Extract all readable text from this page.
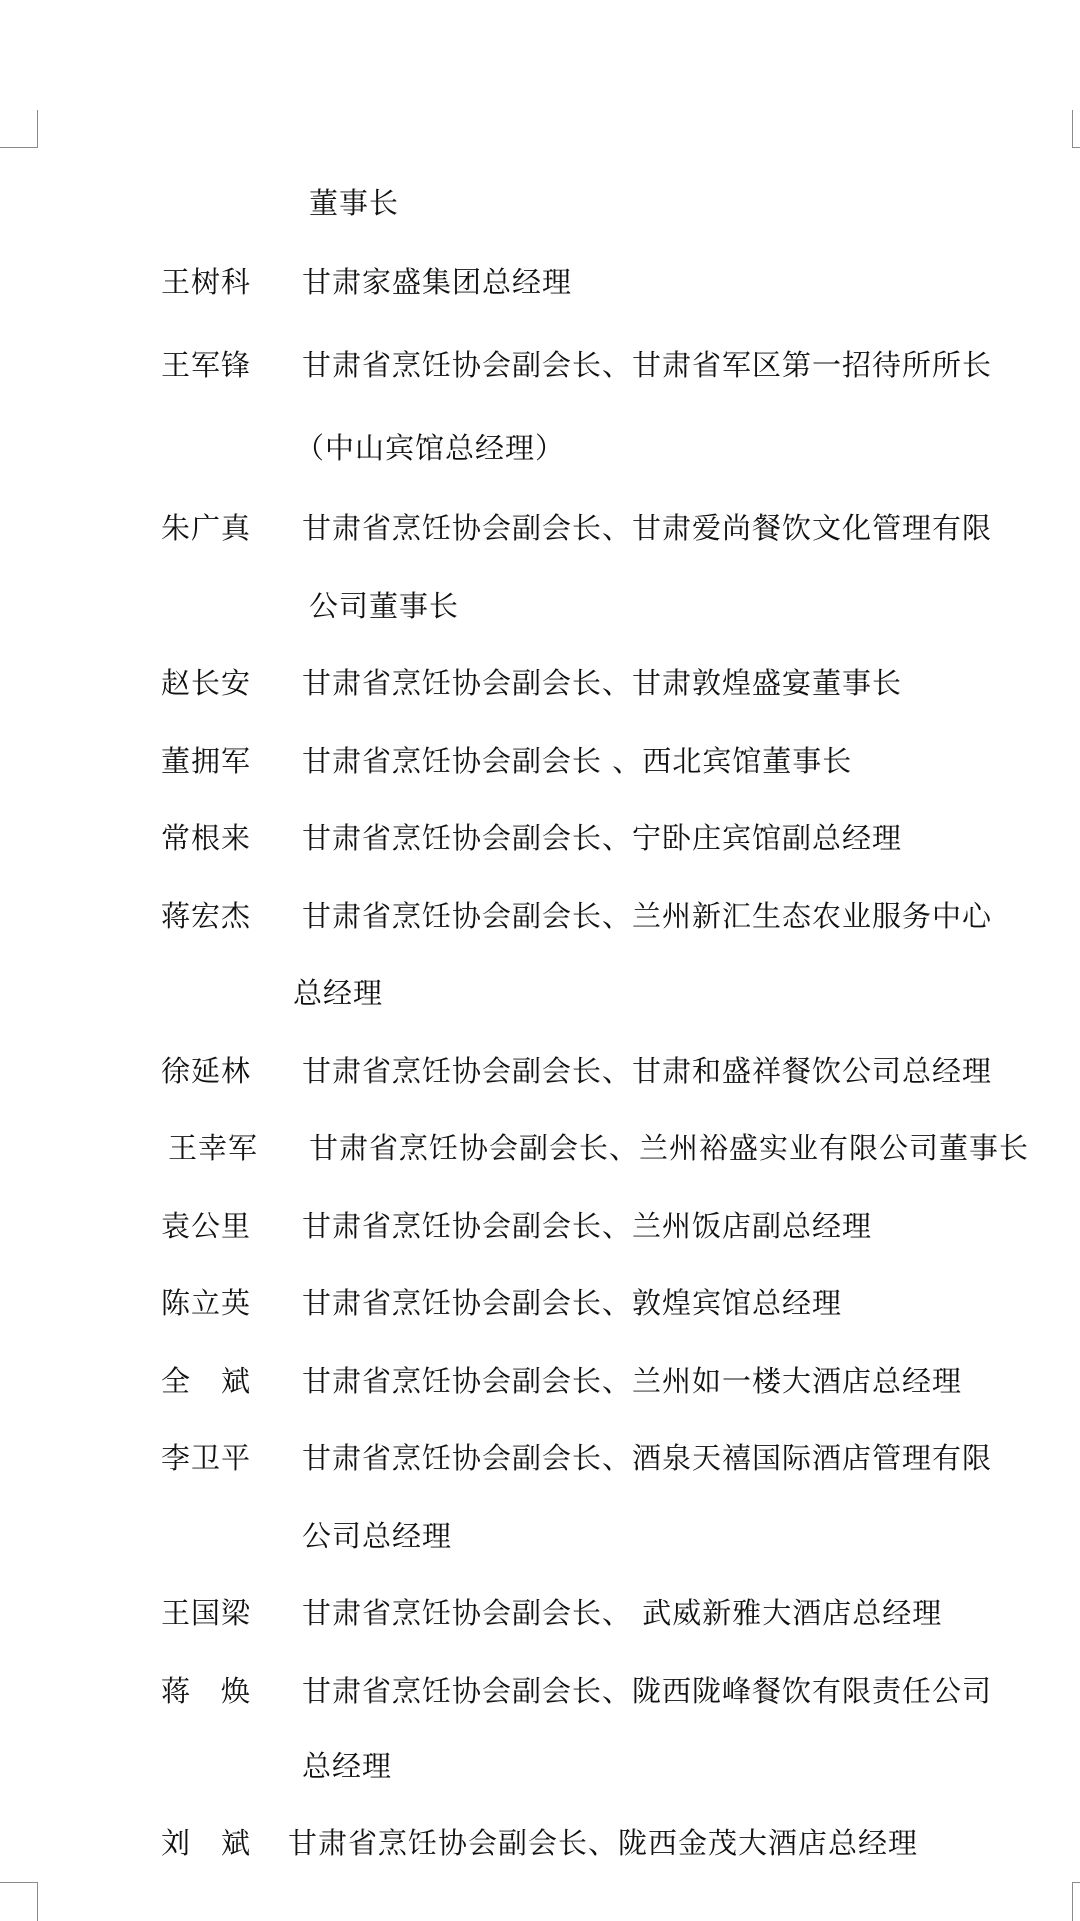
董事长
王树科 甘肃家盛集团总经理
王军锋 甘肃省烹饪协会副会长、甘肃省军区第一招待所所长
（中山宾馆总经理）
朱广真 甘肃省烹饪协会副会长、甘肃爱尚餐饮文化管理有限
公司董事长
赵长安 甘肃省烹饪协会副会长、甘肃敦煌盛宴董事长
董拥军 甘肃省烹饪协会副会长 、西北宾馆董事长
常根来 甘肃省烹饪协会副会长、宁卧庄宾馆副总经理
蒋宏杰 甘肃省烹饪协会副会长、兰州新汇生态农业服务中心
总经理
徐延林 甘肃省烹饪协会副会长、甘肃和盛祥餐饮公司总经理
王幸军 甘肃省烹饪协会副会长、兰州裕盛实业有限公司董事长
袁公里 甘肃省烹饪协会副会长、兰州饭店副总经理
陈立英 甘肃省烹饪协会副会长、敦煌宾馆总经理
全　斌 甘肃省烹饪协会副会长、兰州如一楼大酒店总经理
李卫平 甘肃省烹饪协会副会长、酒泉天禧国际酒店管理有限
公司总经理
王国梁 甘肃省烹饪协会副会长、 武威新雅大酒店总经理
蒋　焕 甘肃省烹饪协会副会长、陇西陇峰餐饮有限责任公司
总经理
刘　斌 甘肃省烹饪协会副会长、陇西金茂大酒店总经理
